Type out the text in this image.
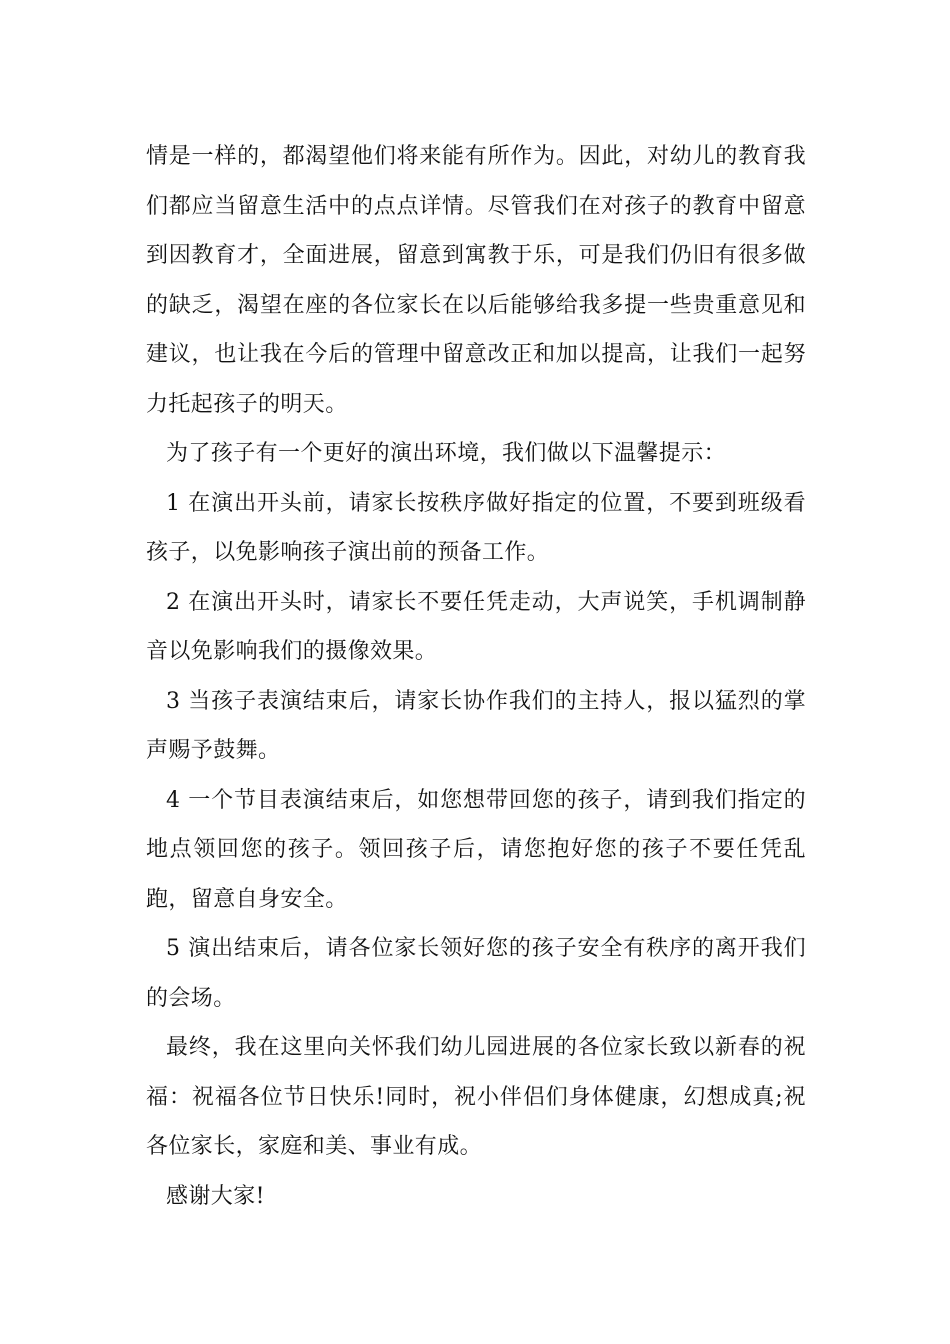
情是一样的，都渴望他们将来能有所作为。因此，对幼儿的教育我们都应当留意生活中的点点详情。尽管我们在对孩子的教育中留意到因教育才，全面进展，留意到寓教于乐，可是我们仍旧有很多做的缺乏，渴望在座的各位家长在以后能够给我多提一些贵重意见和建议，也让我在今后的管理中留意改正和加以提高，让我们一起努力托起孩子的明天。

为了孩子有一个更好的演出环境，我们做以下温馨提示：

1 在演出开头前，请家长按秩序做好指定的位置，不要到班级看孩子，以免影响孩子演出前的预备工作。

2 在演出开头时，请家长不要任凭走动，大声说笑，手机调制静音以免影响我们的摄像效果。

3 当孩子表演结束后，请家长协作我们的主持人，报以猛烈的掌声赐予鼓舞。

4 一个节目表演结束后，如您想带回您的孩子，请到我们指定的地点领回您的孩子。领回孩子后，请您抱好您的孩子不要任凭乱跑，留意自身安全。

5 演出结束后，请各位家长领好您的孩子安全有秩序的离开我们的会场。

最终，我在这里向关怀我们幼儿园进展的各位家长致以新春的祝福：祝福各位节日快乐!同时，祝小伴侣们身体健康，幻想成真;祝各位家长，家庭和美、事业有成。

感谢大家!
